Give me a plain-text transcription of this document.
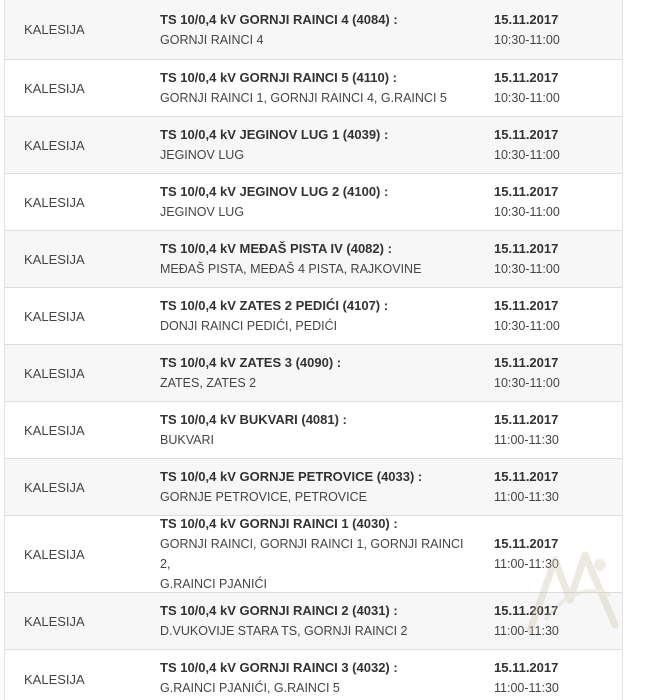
KALESIJA
TS 10/0,4 kV GORNJI RAINCI 4 (4084) :
GORNJI RAINCI 4
15.11.2017
10:30-11:00
KALESIJA
TS 10/0,4 kV GORNJI RAINCI 5 (4110) :
GORNJI RAINCI 1, GORNJI RAINCI 4, G.RAINCI 5
15.11.2017
10:30-11:00
KALESIJA
TS 10/0,4 kV JEGINOV LUG 1 (4039) :
JEGINOV LUG
15.11.2017
10:30-11:00
KALESIJA
TS 10/0,4 kV JEGINOV LUG 2 (4100) :
JEGINOV LUG
15.11.2017
10:30-11:00
KALESIJA
TS 10/0,4 kV MEĐAŠ PISTA IV (4082) :
MEĐAŠ PISTA, MEĐAŠ 4 PISTA, RAJKOVINE
15.11.2017
10:30-11:00
KALESIJA
TS 10/0,4 kV ZATES 2 PEDIĆI (4107) :
DONJI RAINCI PEDIĆI, PEDIĆI
15.11.2017
10:30-11:00
KALESIJA
TS 10/0,4 kV ZATES 3 (4090) :
ZATES, ZATES 2
15.11.2017
10:30-11:00
KALESIJA
TS 10/0,4 kV BUKVARI (4081) :
BUKVARI
15.11.2017
11:00-11:30
KALESIJA
TS 10/0,4 kV GORNJE PETROVICE (4033) :
GORNJE PETROVICE, PETROVICE
15.11.2017
11:00-11:30
KALESIJA
TS 10/0,4 kV GORNJI RAINCI 1 (4030) :
GORNJI RAINCI, GORNJI RAINCI 1, GORNJI RAINCI 2,
G.RAINCI PJANIĆI
15.11.2017
11:00-11:30
KALESIJA
TS 10/0,4 kV GORNJI RAINCI 2 (4031) :
D.VUKOVIJE STARA TS, GORNJI RAINCI 2
15.11.2017
11:00-11:30
KALESIJA
TS 10/0,4 kV GORNJI RAINCI 3 (4032) :
G.RAINCI PJANIĆI, G.RAINCI 5
15.11.2017
11:00-11:30
